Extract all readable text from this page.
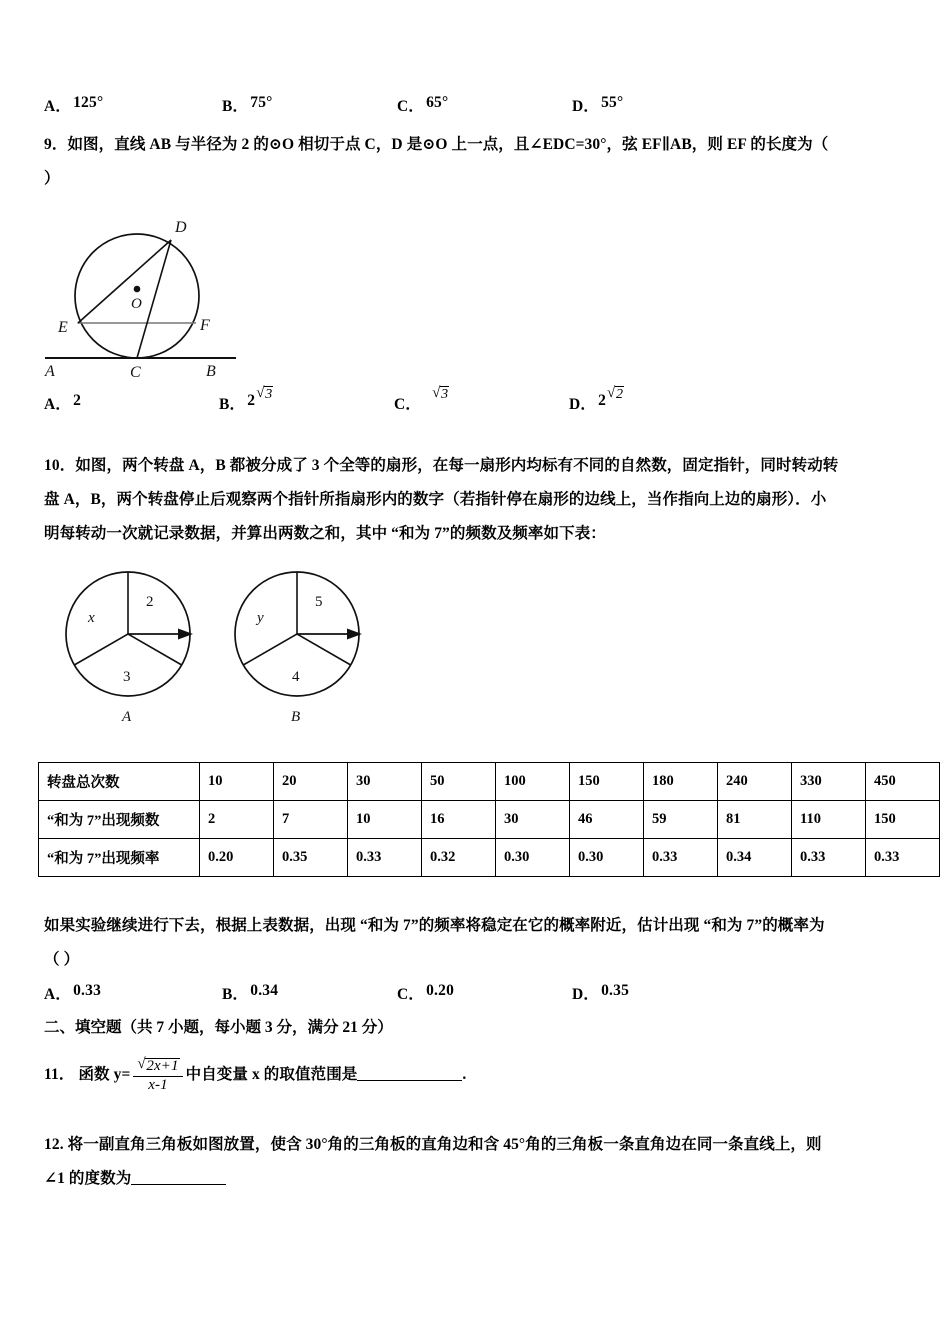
A． 125°	B． 75°	C． 65°	D． 55°
9．如图，直线 AB 与半径为 2 的⊙O 相切于点 C，D 是⊙O 上一点，且∠EDC=30°，弦 EF∥AB，则 EF 的长度为（
）
D
O
E	F
A	C	B
A． 2	B． 2 √ 3
C．
√ 3
D． 2 √ 2
10．如图，两个转盘 A，B 都被分成了 3 个全等的扇形，在每一扇形内均标有不同的自然数，固定指针，同时转动转
盘 A，B，两个转盘停止后观察两个指针所指扇形内的数字（若指针停在扇形的边线上，当作指向上边的扇形）．小
明每转动一次就记录数据，并算出两数之和，其中 “和为 7”的频数及频率如下表：
x
2
3
A
y
5
4
B
转盘总次数	10	20	30	50	100	150	180	240	330	450
“和为 7”出现频数	2	7	10	16	30	46	59	81	110	150
“和为 7”出现频率	0.20	0.35	0.33	0.32	0.30	0.30	0.33	0.34	0.33	0.33
如果实验继续进行下去，根据上表数据，出现 “和为 7”的频率将稳定在它的概率附近，估计出现 “和为 7”的概率为
（ ）
A． 0.33	B． 0.34	C． 0.20	D． 0.35
二、填空题（共 7 小题，每小题 3 分，满分 21 分）
11． 函数 y= √ $\frac{2x+1}{x-1}$ 中自变量 x 的取值范围是	.
12. 将一副直角三角板如图放置，使含 30°角的三角板的直角边和含 45°角的三角板一条直角边在同一条直线上，则
∠1 的度数为
